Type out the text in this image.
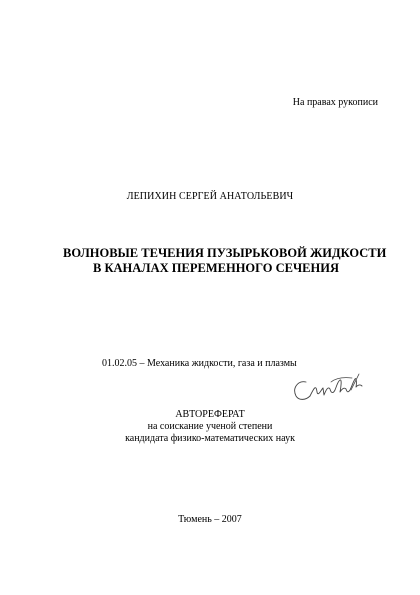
На правах рукописи
ЛЕПИХИН СЕРГЕЙ АНАТОЛЬЕВИЧ
ВОЛНОВЫЕ ТЕЧЕНИЯ ПУЗЫРЬКОВОЙ ЖИДКОСТИ
В КАНАЛАХ ПЕРЕМЕННОГО СЕЧЕНИЯ
01.02.05 – Механика жидкости, газа и плазмы
АВТОРЕФЕРАТ
на соискание ученой степени
кандидата физико-математических наук
Тюмень – 2007
